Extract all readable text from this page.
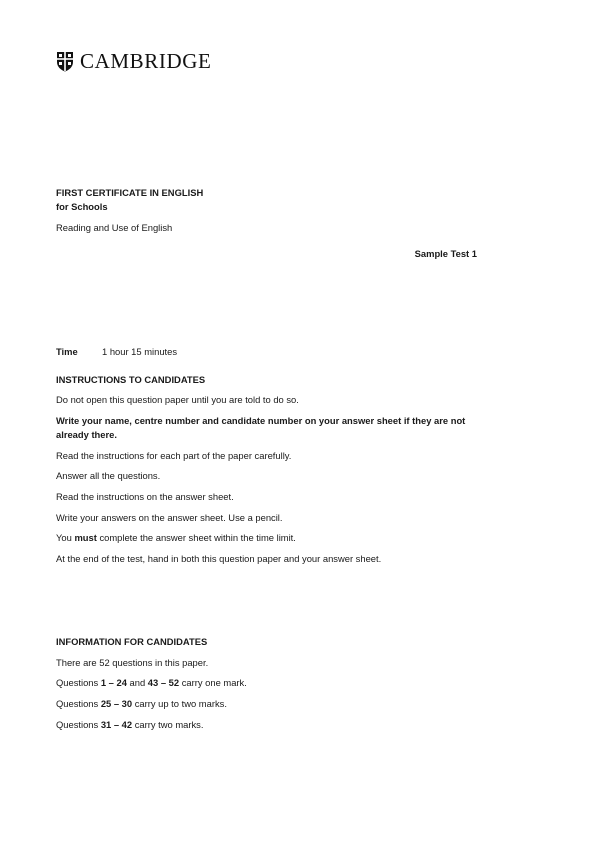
CAMBRIDGE
FIRST CERTIFICATE IN ENGLISH
for Schools
Reading and Use of English
Sample Test 1
Time	1 hour 15 minutes
INSTRUCTIONS TO CANDIDATES
Do not open this question paper until you are told to do so.
Write your name, centre number and candidate number on your answer sheet if they are not already there.
Read the instructions for each part of the paper carefully.
Answer all the questions.
Read the instructions on the answer sheet.
Write your answers on the answer sheet. Use a pencil.
You must complete the answer sheet within the time limit.
At the end of the test, hand in both this question paper and your answer sheet.
INFORMATION FOR CANDIDATES
There are 52 questions in this paper.
Questions 1 – 24 and 43 – 52 carry one mark.
Questions 25 – 30 carry up to two marks.
Questions 31 – 42 carry two marks.
